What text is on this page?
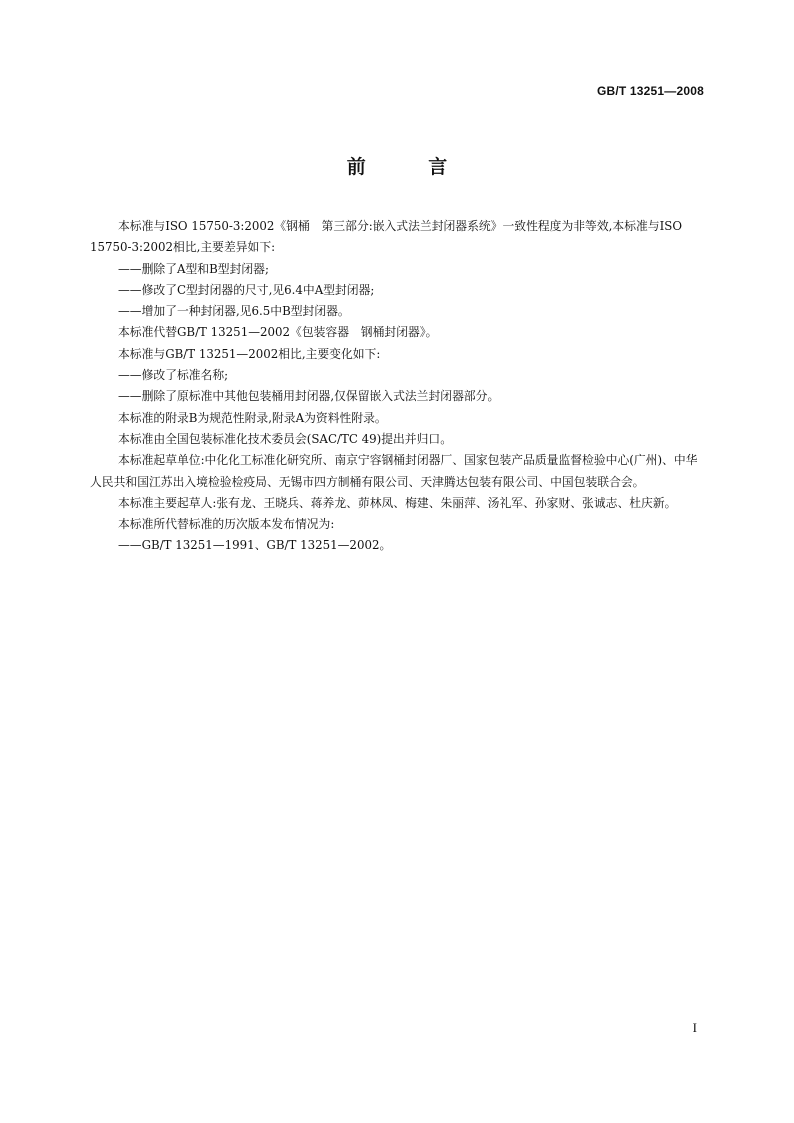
GB/T 13251—2008
前 言

本标准与ISO 15750-3:2002《钢桶　第三部分:嵌入式法兰封闭器系统》一致性程度为非等效,本标准与ISO 15750-3:2002相比,主要差异如下:

——删除了A型和B型封闭器;

——修改了C型封闭器的尺寸,见6.4中A型封闭器;

——增加了一种封闭器,见6.5中B型封闭器。

本标准代替GB/T 13251—2002《包装容器　钢桶封闭器》。

本标准与GB/T 13251—2002相比,主要变化如下:

——修改了标准名称;

——删除了原标准中其他包装桶用封闭器,仅保留嵌入式法兰封闭器部分。

本标准的附录B为规范性附录,附录A为资料性附录。

本标准由全国包装标准化技术委员会(SAC/TC 49)提出并归口。

本标准起草单位:中化化工标准化研究所、南京宁容钢桶封闭器厂、国家包装产品质量监督检验中心(广州)、中华人民共和国江苏出入境检验检疫局、无锡市四方制桶有限公司、天津腾达包装有限公司、中国包装联合会。

本标准主要起草人:张有龙、王晓兵、蒋养龙、茆林凤、梅建、朱丽萍、汤礼军、孙家财、张诚志、杜庆新。

本标准所代替标准的历次版本发布情况为:

——GB/T 13251—1991、GB/T 13251—2002。

I
